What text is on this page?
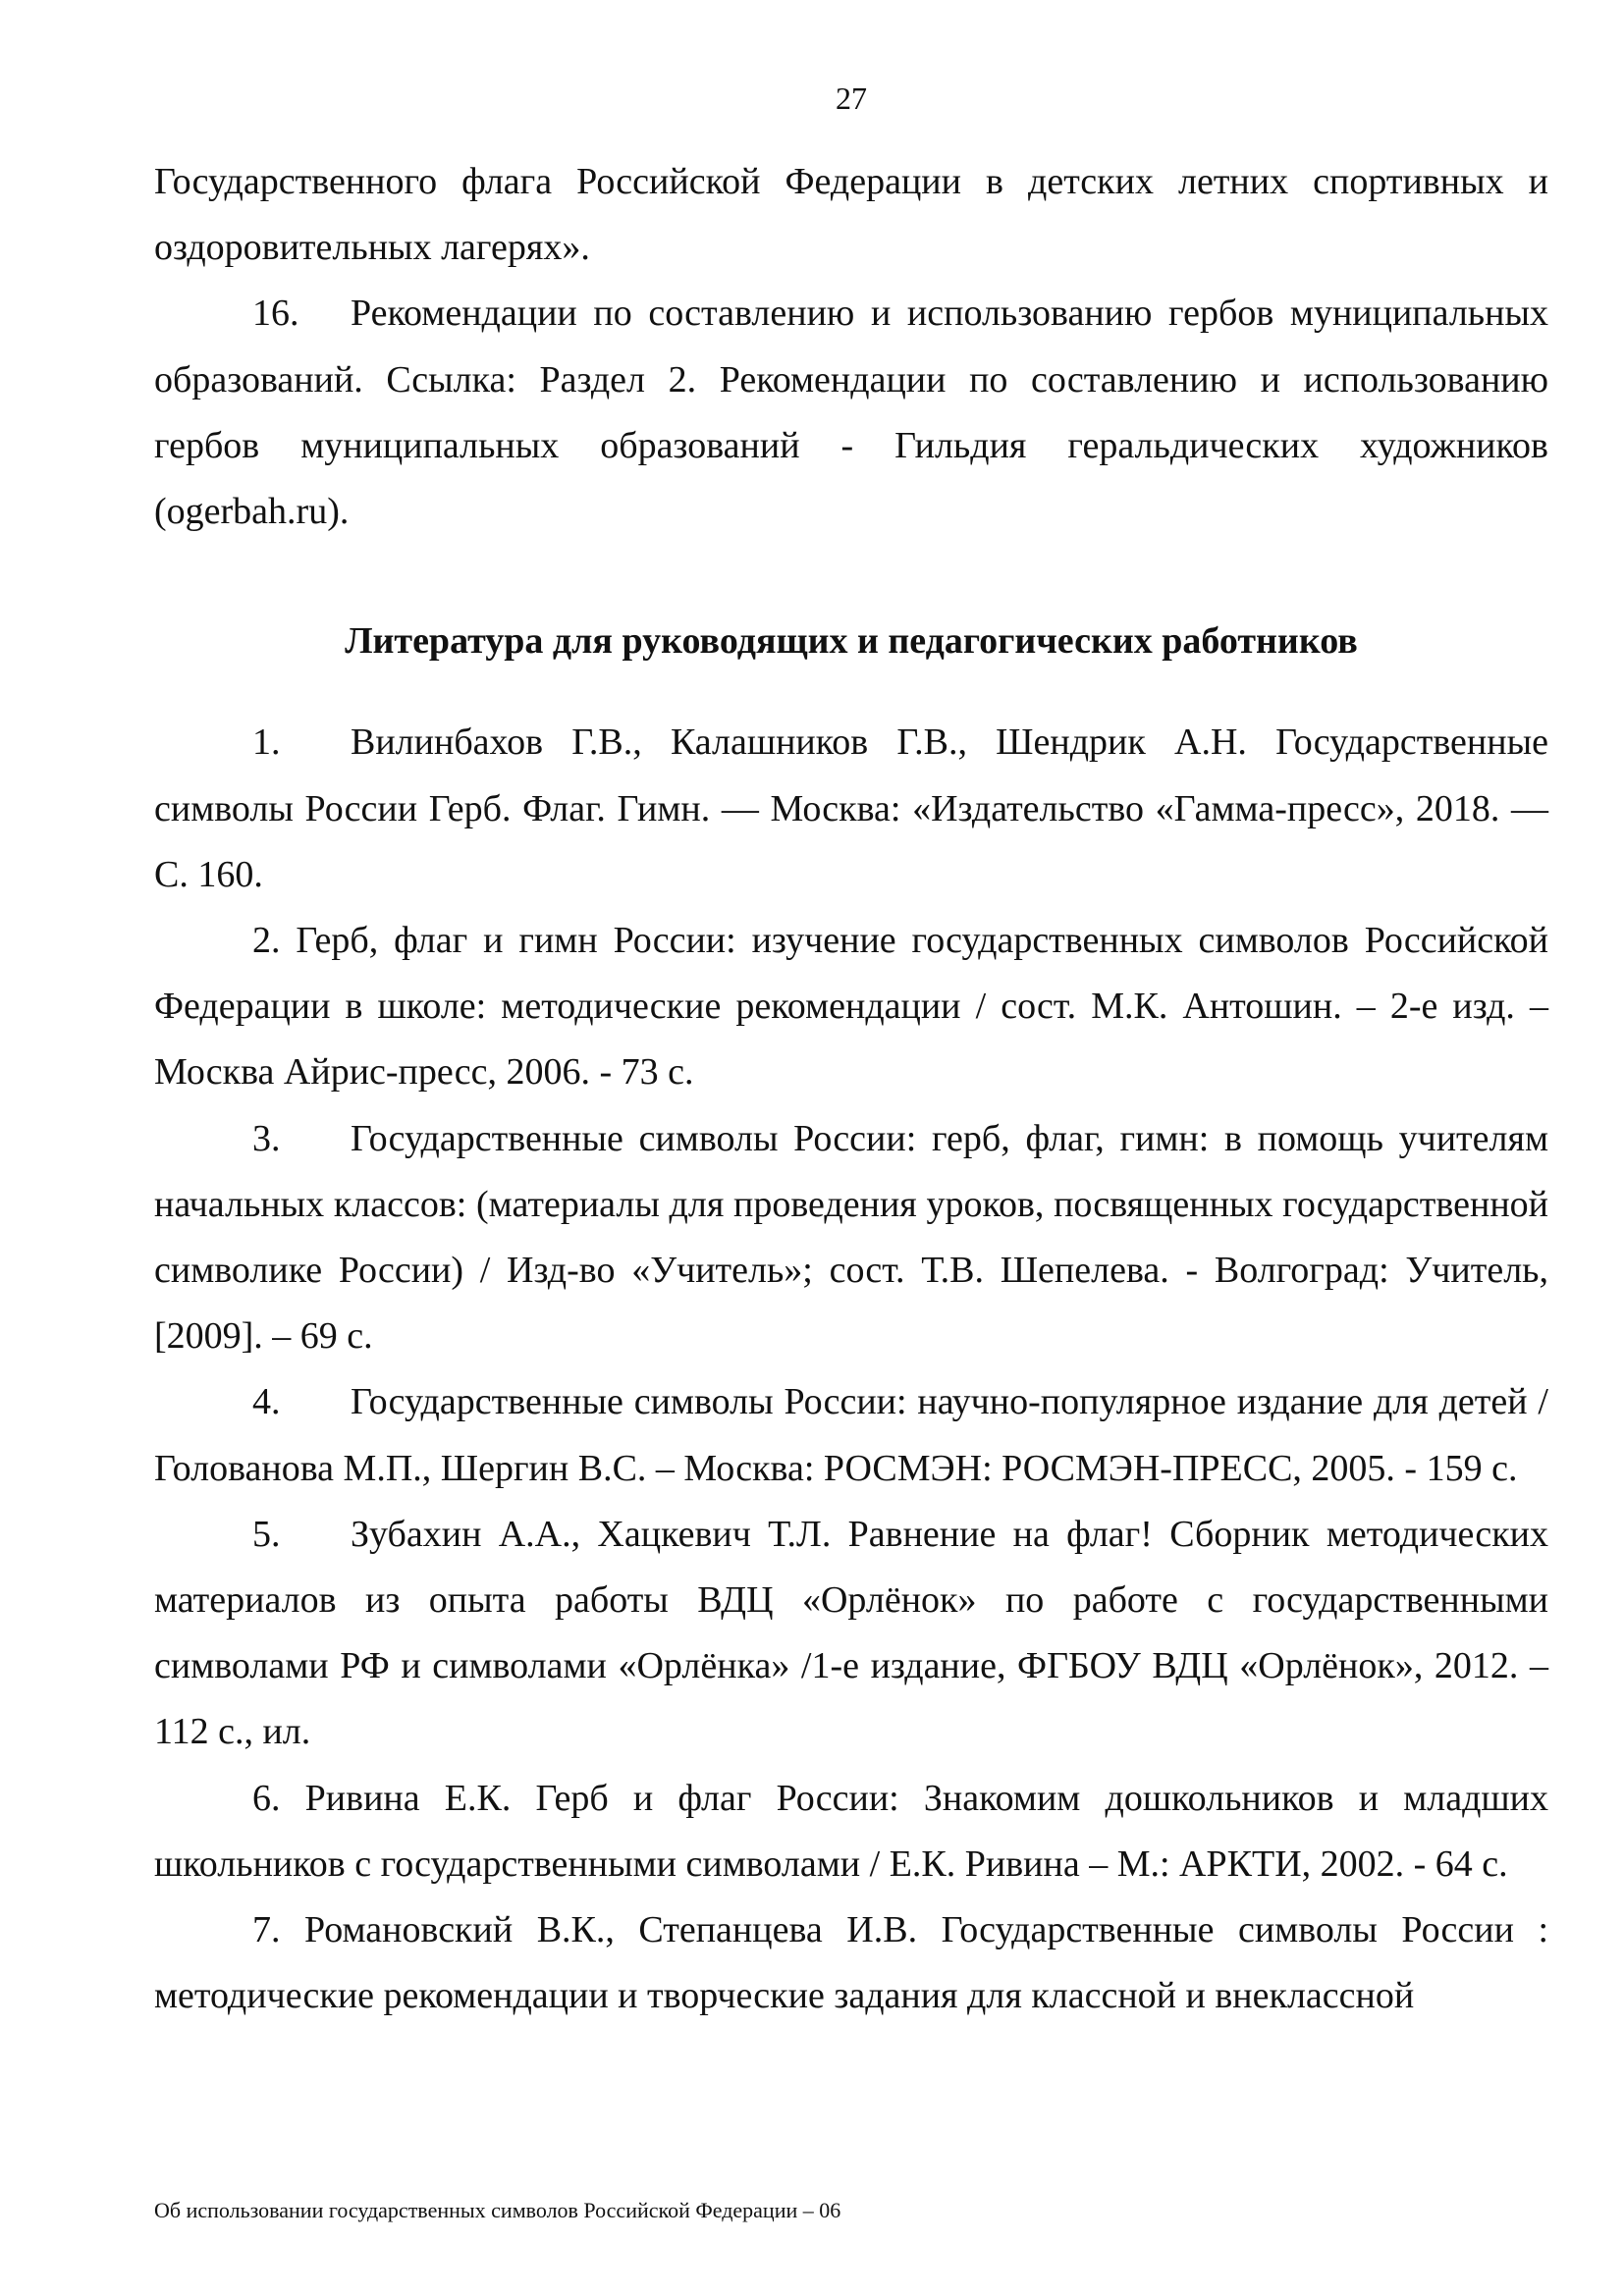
27

Государственного флага Российской Федерации в детских летних спортивных и оздоровительных лагерях».

16. Рекомендации по составлению и использованию гербов муниципальных образований. Ссылка: Раздел 2. Рекомендации по составлению и использованию гербов муниципальных образований - Гильдия геральдических художников (ogerbah.ru).

Литература для руководящих и педагогических работников

1. Вилинбахов Г.В., Калашников Г.В., Шендрик А.Н. Государственные символы России Герб. Флаг. Гимн. — Москва: «Издательство «Гамма-пресс», 2018. — С. 160.

2. Герб, флаг и гимн России: изучение государственных символов Российской Федерации в школе: методические рекомендации / сост. М.К. Антошин. – 2-е изд. – Москва Айрис-пресс, 2006. - 73 с.

3. Государственные символы России: герб, флаг, гимн: в помощь учителям начальных классов: (материалы для проведения уроков, посвященных государственной символике России) / Изд-во «Учитель»; сост. Т.В. Шепелева. - Волгоград: Учитель, [2009]. – 69 с.

4. Государственные символы России: научно-популярное издание для детей / Голованова М.П., Шергин В.С. – Москва: РОСМЭН: РОСМЭН-ПРЕСС, 2005. - 159 с.

5. Зубахин А.А., Хацкевич Т.Л. Равнение на флаг! Сборник методических материалов из опыта работы ВДЦ «Орлёнок» по работе с государственными символами РФ и символами «Орлёнка» /1-е издание, ФГБОУ ВДЦ «Орлёнок», 2012. – 112 с., ил.

6. Ривина Е.К. Герб и флаг России: Знакомим дошкольников и младших школьников с государственными символами / Е.К. Ривина – М.: АРКТИ, 2002. - 64 с.

7. Романовский В.К., Степанцева И.В. Государственные символы России : методические рекомендации и творческие задания для классной и внеклассной

Об использовании государственных символов Российской Федерации – 06
